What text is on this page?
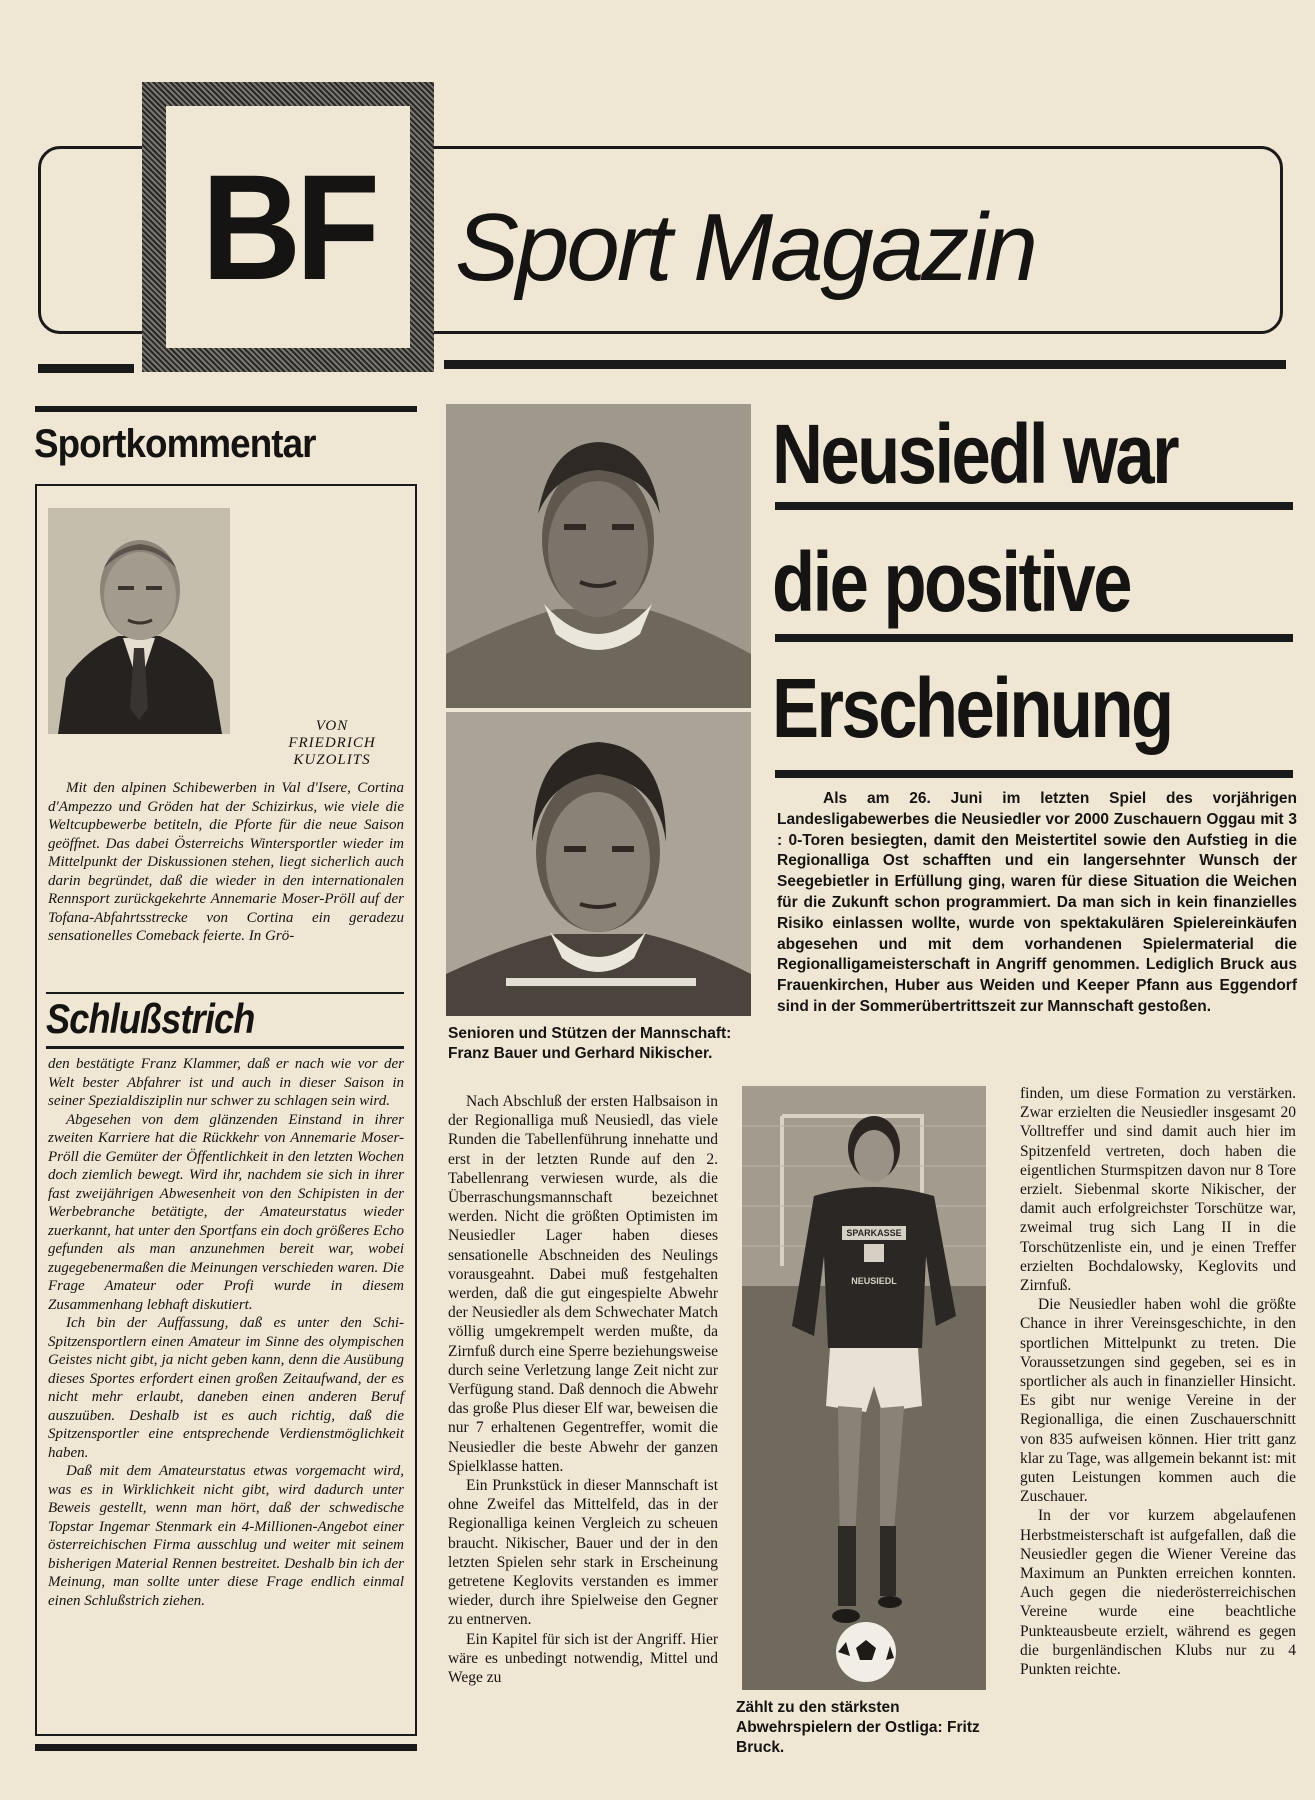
BF Sport Magazin
Sportkommentar
VON
FRIEDRICH
KUZOLITS

Mit den alpinen Schibewerben in Val d'Isere, Cortina d'Ampezzo und Gröden hat der Schizirkus, wie viele die Weltcupbewerbe betiteln, die Pforte für die neue Saison geöffnet. Das dabei Österreichs Wintersportler wieder im Mittelpunkt der Diskussionen stehen, liegt sicherlich auch darin begründet, daß die wieder in den internationalen Rennsport zurückgekehrte Annemarie Moser-Pröll auf der Tofana-Abfahrtsstrecke von Cortina ein geradezu sensationelles Comeback feierte. In Grö-

Schlußstrich

den bestätigte Franz Klammer, daß er nach wie vor der Welt bester Abfahrer ist und auch in dieser Saison in seiner Spezialdisziplin nur schwer zu schlagen sein wird.

Abgesehen von dem glänzenden Einstand in ihrer zweiten Karriere hat die Rückkehr von Annemarie Moser-Pröll die Gemüter der Öffentlichkeit in den letzten Wochen doch ziemlich bewegt. Wird ihr, nachdem sie sich in ihrer fast zweijährigen Abwesenheit von den Schipisten in der Werbebranche betätigte, der Amateurstatus wieder zuerkannt, hat unter den Sportfans ein doch größeres Echo gefunden als man anzunehmen bereit war, wobei zugegebenermaßen die Meinungen verschieden waren. Die Frage Amateur oder Profi wurde in diesem Zusammenhang lebhaft diskutiert.

Ich bin der Auffassung, daß es unter den Schi-Spitzensportlern einen Amateur im Sinne des olympischen Geistes nicht gibt, ja nicht geben kann, denn die Ausübung dieses Sportes erfordert einen großen Zeitaufwand, der es nicht mehr erlaubt, daneben einen anderen Beruf auszuüben. Deshalb ist es auch richtig, daß die Spitzensportler eine entsprechende Verdienstmöglichkeit haben.

Daß mit dem Amateurstatus etwas vorgemacht wird, was es in Wirklichkeit nicht gibt, wird dadurch unter Beweis gestellt, wenn man hört, daß der schwedische Topstar Ingemar Stenmark ein 4-Millionen-Angebot einer österreichischen Firma ausschlug und weiter mit seinem bisherigen Material Rennen bestreitet. Deshalb bin ich der Meinung, man sollte unter diese Frage endlich einmal einen Schlußstrich ziehen.

Senioren und Stützen der Mannschaft: Franz Bauer und Gerhard Nikischer.

Neusiedl war
die positive
Erscheinung

Als am 26. Juni im letzten Spiel des vorjährigen Landesligabewerbes die Neusiedler vor 2000 Zuschauern Oggau mit 3 : 0-Toren besiegten, damit den Meistertitel sowie den Aufstieg in die Regionalliga Ost schafften und ein langersehnter Wunsch der Seegebietler in Erfüllung ging, waren für diese Situation die Weichen für die Zukunft schon programmiert. Da man sich in kein finanzielles Risiko einlassen wollte, wurde von spektakulären Spielereinkäufen abgesehen und mit dem vorhandenen Spielermaterial die Regionalligameisterschaft in Angriff genommen. Lediglich Bruck aus Frauenkirchen, Huber aus Weiden und Keeper Pfann aus Eggendorf sind in der Sommerübertrittszeit zur Mannschaft gestoßen.

Nach Abschluß der ersten Halbsaison in der Regionalliga muß Neusiedl, das viele Runden die Tabellenführung innehatte und erst in der letzten Runde auf den 2. Tabellenrang verwiesen wurde, als die Überraschungsmannschaft bezeichnet werden. Nicht die größten Optimisten im Neusiedler Lager haben dieses sensationelle Abschneiden des Neulings vorausgeahnt. Dabei muß festgehalten werden, daß die gut eingespielte Abwehr der Neusiedler als dem Schwechater Match völlig umgekrempelt werden mußte, da Zirnfuß durch eine Sperre beziehungsweise durch seine Verletzung lange Zeit nicht zur Verfügung stand. Daß dennoch die Abwehr das große Plus dieser Elf war, beweisen die nur 7 erhaltenen Gegentreffer, womit die Neusiedler die beste Abwehr der ganzen Spielklasse hatten.

Ein Prunkstück in dieser Mannschaft ist ohne Zweifel das Mittelfeld, das in der Regionalliga keinen Vergleich zu scheuen braucht. Nikischer, Bauer und der in den letzten Spielen sehr stark in Erscheinung getretene Keglovits verstanden es immer wieder, durch ihre Spielweise den Gegner zu entnerven.

Ein Kapitel für sich ist der Angriff. Hier wäre es unbedingt notwendig, Mittel und Wege zu

SPARKASSE
NEUSIEDL

Zählt zu den stärksten Abwehrspielern der Ostliga: Fritz Bruck.

finden, um diese Formation zu verstärken. Zwar erzielten die Neusiedler insgesamt 20 Volltreffer und sind damit auch hier im Spitzenfeld vertreten, doch haben die eigentlichen Sturmspitzen davon nur 8 Tore erzielt. Siebenmal skorte Nikischer, der damit auch erfolgreichster Torschütze war, zweimal trug sich Lang II in die Torschützenliste ein, und je einen Treffer erzielten Bochdalowsky, Keglovits und Zirnfuß.

Die Neusiedler haben wohl die größte Chance in ihrer Vereinsgeschichte, in den sportlichen Mittelpunkt zu treten. Die Voraussetzungen sind gegeben, sei es in sportlicher als auch in finanzieller Hinsicht. Es gibt nur wenige Vereine in der Regionalliga, die einen Zuschauerschnitt von 835 aufweisen können. Hier tritt ganz klar zu Tage, was allgemein bekannt ist: mit guten Leistungen kommen auch die Zuschauer.

In der vor kurzem abgelaufenen Herbstmeisterschaft ist aufgefallen, daß die Neusiedler gegen die Wiener Vereine das Maximum an Punkten erreichen konnten. Auch gegen die niederösterreichischen Vereine wurde eine beachtliche Punkteausbeute erzielt, während es gegen die burgenländischen Klubs nur zu 4 Punkten reichte.
